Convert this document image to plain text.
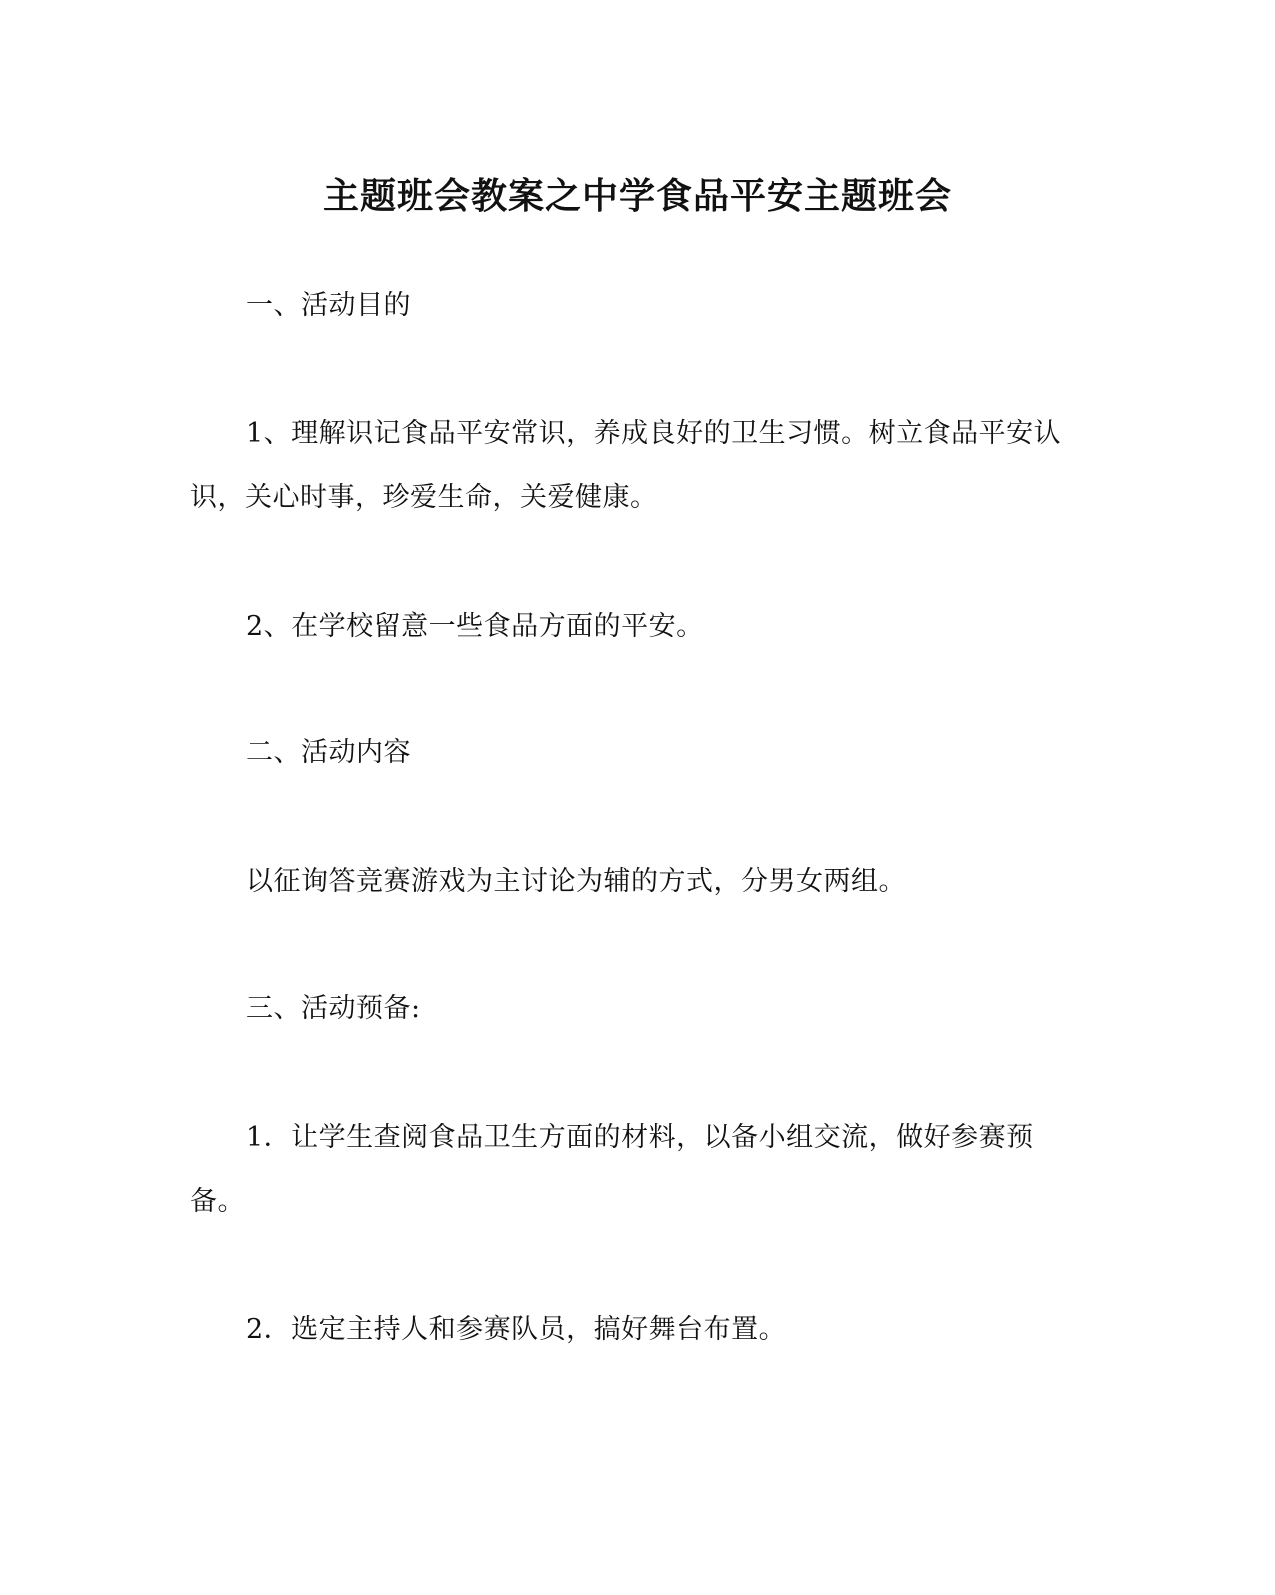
主题班会教案之中学食品平安主题班会
一、活动目的
1、理解识记食品平安常识，养成良好的卫生习惯。树立食品平安认识，关心时事，珍爱生命，关爱健康。
2、在学校留意一些食品方面的平安。
二、活动内容
以征询答竞赛游戏为主讨论为辅的方式，分男女两组。
三、活动预备:
1．让学生查阅食品卫生方面的材料，以备小组交流，做好参赛预备。
2．选定主持人和参赛队员，搞好舞台布置。
